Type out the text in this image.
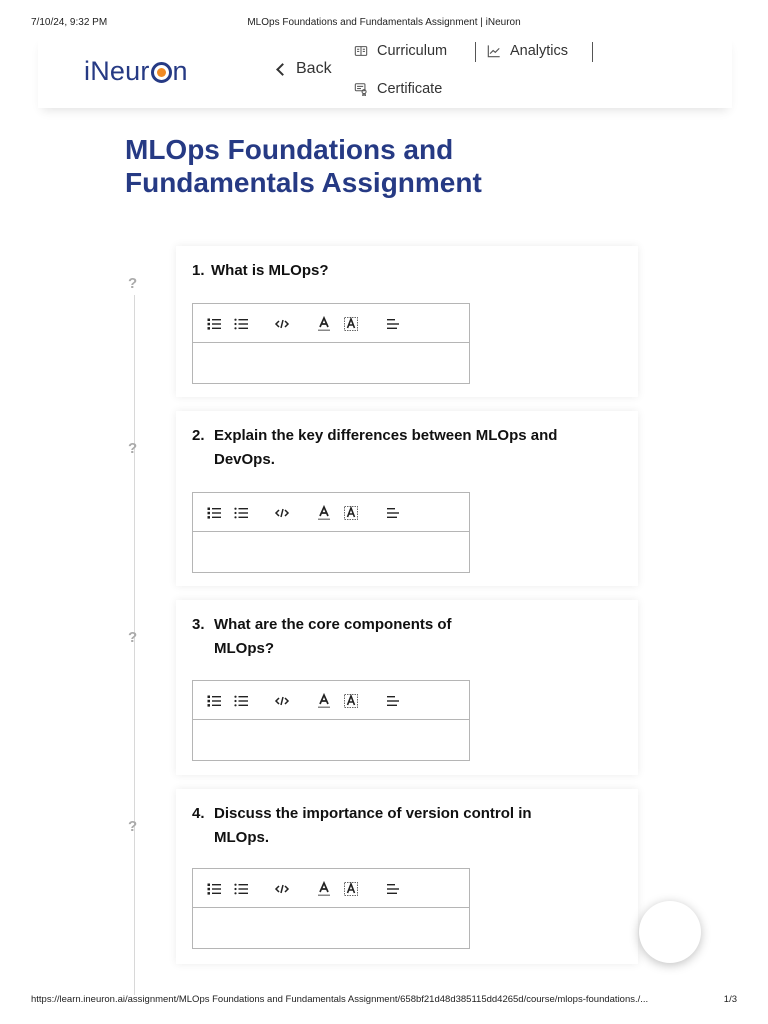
7/10/24, 9:32 PM	MLOps Foundations and Fundamentals Assignment | iNeuron
iNeur n	Back
Curriculum	Analytics
Certificate
MLOps Foundations and Fundamentals Assignment
?
?
?
?
1. What is MLOps?
2. Explain the key differences between MLOps and DevOps.
3. What are the core components of MLOps?
4. Discuss the importance of version control in MLOps.
https://learn.ineuron.ai/assignment/MLOps Foundations and Fundamentals Assignment/658bf21d48d385115dd4265d/course/mlops-foundations./...	1/3
